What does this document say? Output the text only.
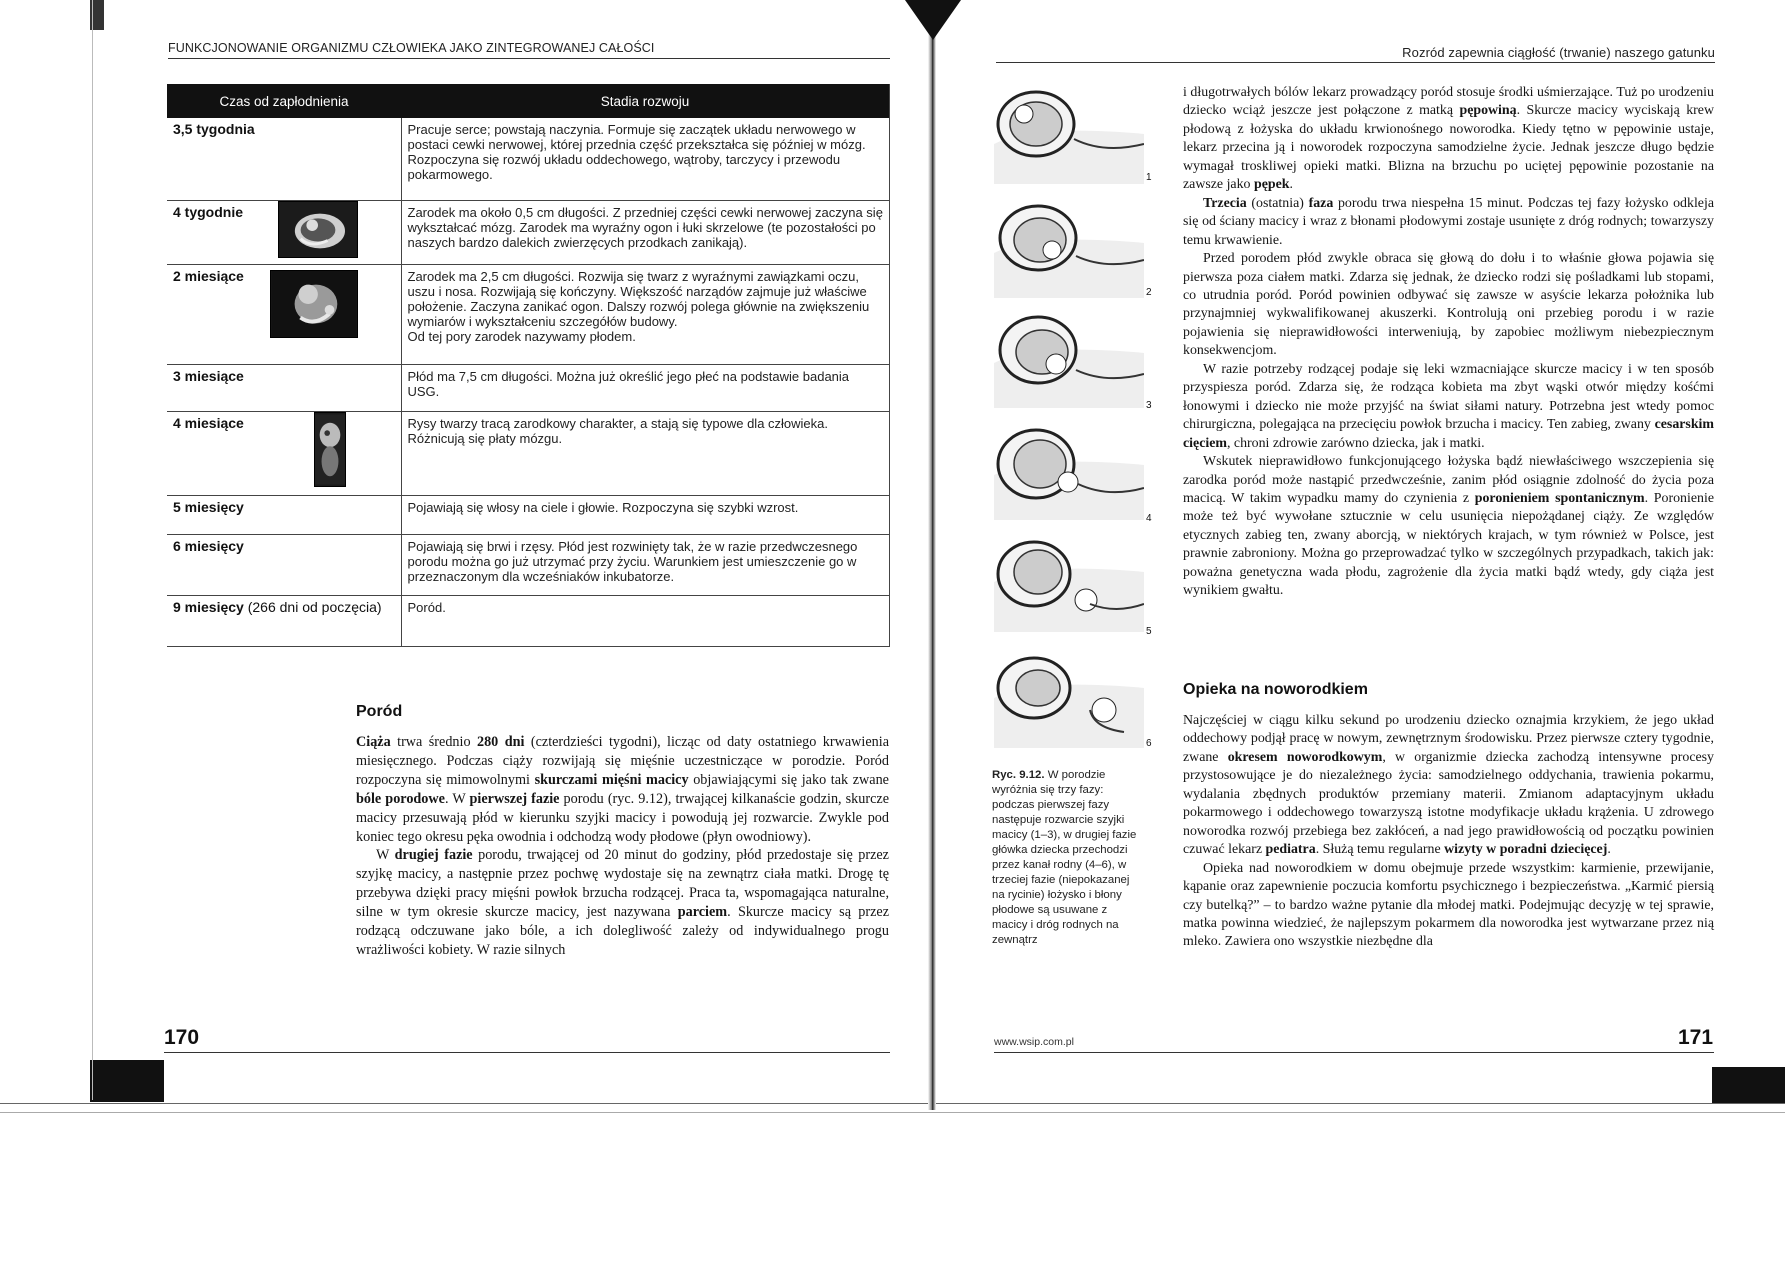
FUNKCJONOWANIE ORGANIZMU CZŁOWIEKA JAKO ZINTEGROWANEJ CAŁOŚCI
Czas od zapłodnienia	Stadia rozwoju
3,5 tygodnia	Pracuje serce; powstają naczynia. Formuje się zaczątek układu nerwowego w postaci cewki nerwowej, której przednia część przekształca się później w mózg. Rozpoczyna się rozwój układu oddechowego, wątroby, tarczycy i przewodu pokarmowego.
4 tygodnie	Zarodek ma około 0,5 cm długości. Z przedniej części cewki nerwowej zaczyna się wykształcać mózg. Zarodek ma wyraźny ogon i łuki skrzelowe (te pozostałości po naszych bardzo dalekich zwierzęcych przodkach zanikają).
2 miesiące	Zarodek ma 2,5 cm długości. Rozwija się twarz z wyraźnymi zawiązkami oczu, uszu i nosa. Rozwijają się kończyny. Większość narządów zajmuje już właściwe położenie. Zaczyna zanikać ogon. Dalszy rozwój polega głównie na zwiększeniu wymiarów i wykształceniu szczegółów budowy.
Od tej pory zarodek nazywamy płodem.

3 miesiące	Płód ma 7,5 cm długości. Można już określić jego płeć na podstawie badania USG.
4 miesiące	Rysy twarzy tracą zarodkowy charakter, a stają się typowe dla człowieka. Różnicują się płaty mózgu.
5 miesięcy	Pojawiają się włosy na ciele i głowie. Rozpoczyna się szybki wzrost.
6 miesięcy	Pojawiają się brwi i rzęsy. Płód jest rozwinięty tak, że w razie przedwczesnego porodu można go już utrzymać przy życiu. Warunkiem jest umieszczenie go w przeznaczonym dla wcześniaków inkubatorze.
9 miesięcy (266 dni od poczęcia)	Poród.
Poród

Ciąża trwa średnio 280 dni (czterdzieści tygodni), licząc od daty ostatniego krwawienia miesięcznego. Podczas ciąży rozwijają się mięśnie uczestniczące w porodzie. Poród rozpoczyna się mimowolnymi skurczami mięśni macicy objawiającymi się jako tak zwane bóle porodowe. W pierwszej fazie porodu (ryc. 9.12), trwającej kilkanaście godzin, skurcze macicy przesuwają płód w kierunku szyjki macicy i powodują jej rozwarcie. Zwykle pod koniec tego okresu pęka owodnia i odchodzą wody płodowe (płyn owodniowy).

W drugiej fazie porodu, trwającej od 20 minut do godziny, płód przedostaje się przez szyjkę macicy, a następnie przez pochwę wydostaje się na zewnątrz ciała matki. Drogę tę przebywa dzięki pracy mięśni powłok brzucha rodzącej. Praca ta, wspomagająca naturalne, silne w tym okresie skurcze macicy, jest nazywana parciem. Skurcze macicy są przez rodzącą odczuwane jako bóle, a ich dolegliwość zależy od indywidualnego progu wrażliwości kobiety. W razie silnych

170
Rozród zapewnia ciągłość (trwanie) naszego gatunku
1
2
3
4
5
6
Ryc. 9.12. W porodzie wyróżnia się trzy fazy: podczas pierwszej fazy następuje rozwarcie szyjki macicy (1–3), w drugiej fazie główka dziecka przechodzi przez kanał rodny (4–6), w trzeciej fazie (niepokazanej na rycinie) łożysko i błony płodowe są usuwane z macicy i dróg rodnych na zewnątrz

i długotrwałych bólów lekarz prowadzący poród stosuje środki uśmierzające. Tuż po urodzeniu dziecko wciąż jeszcze jest połączone z matką pępowiną. Skurcze macicy wyciskają krew płodową z łożyska do układu krwionośnego noworodka. Kiedy tętno w pępowinie ustaje, lekarz przecina ją i noworodek rozpoczyna samodzielne życie. Jednak jeszcze długo będzie wymagał troskliwej opieki matki. Blizna na brzuchu po uciętej pępowinie pozostanie na zawsze jako pępek.

Trzecia (ostatnia) faza porodu trwa niespełna 15 minut. Podczas tej fazy łożysko odkleja się od ściany macicy i wraz z błonami płodowymi zostaje usunięte z dróg rodnych; towarzyszy temu krwawienie.

Przed porodem płód zwykle obraca się głową do dołu i to właśnie głowa pojawia się pierwsza poza ciałem matki. Zdarza się jednak, że dziecko rodzi się pośladkami lub stopami, co utrudnia poród. Poród powinien odbywać się zawsze w asyście lekarza położnika lub przynajmniej wykwalifikowanej akuszerki. Kontrolują oni przebieg porodu i w razie pojawienia się nieprawidłowości interweniują, by zapobiec możliwym niebezpiecznym konsekwencjom.

W razie potrzeby rodzącej podaje się leki wzmacniające skurcze macicy i w ten sposób przyspiesza poród. Zdarza się, że rodząca kobieta ma zbyt wąski otwór między kośćmi łonowymi i dziecko nie może przyjść na świat siłami natury. Potrzebna jest wtedy pomoc chirurgiczna, polegająca na przecięciu powłok brzucha i macicy. Ten zabieg, zwany cesarskim cięciem, chroni zdrowie zarówno dziecka, jak i matki.

Wskutek nieprawidłowo funkcjonującego łożyska bądź niewłaściwego wszczepienia się zarodka poród może nastąpić przedwcześnie, zanim płód osiągnie zdolność do życia poza macicą. W takim wypadku mamy do czynienia z poronieniem spontanicznym. Poronienie może też być wywołane sztucznie w celu usunięcia niepożądanej ciąży. Ze względów etycznych zabieg ten, zwany aborcją, w niektórych krajach, w tym również w Polsce, jest prawnie zabroniony. Można go przeprowadzać tylko w szczególnych przypadkach, takich jak: poważna genetyczna wada płodu, zagrożenie dla życia matki bądź wtedy, gdy ciąża jest wynikiem gwałtu.

Opieka na noworodkiem

Najczęściej w ciągu kilku sekund po urodzeniu dziecko oznajmia krzykiem, że jego układ oddechowy podjął pracę w nowym, zewnętrznym środowisku. Przez pierwsze cztery tygodnie, zwane okresem noworodkowym, w organizmie dziecka zachodzą intensywne procesy przystosowujące je do niezależnego życia: samodzielnego oddychania, trawienia pokarmu, wydalania zbędnych produktów przemiany materii. Zmianom adaptacyjnym układu pokarmowego i oddechowego towarzyszą istotne modyfikacje układu krążenia. U zdrowego noworodka rozwój przebiega bez zakłóceń, a nad jego prawidłowością od początku powinien czuwać lekarz pediatra. Służą temu regularne wizyty w poradni dziecięcej.

Opieka nad noworodkiem w domu obejmuje przede wszystkim: karmienie, przewijanie, kąpanie oraz zapewnienie poczucia komfortu psychicznego i bezpieczeństwa. „Karmić piersią czy butelką?” – to bardzo ważne pytanie dla młodej matki. Podejmując decyzję w tej sprawie, matka powinna wiedzieć, że najlepszym pokarmem dla noworodka jest wytwarzane przez nią mleko. Zawiera ono wszystkie niezbędne dla

www.wsip.com.pl	171
